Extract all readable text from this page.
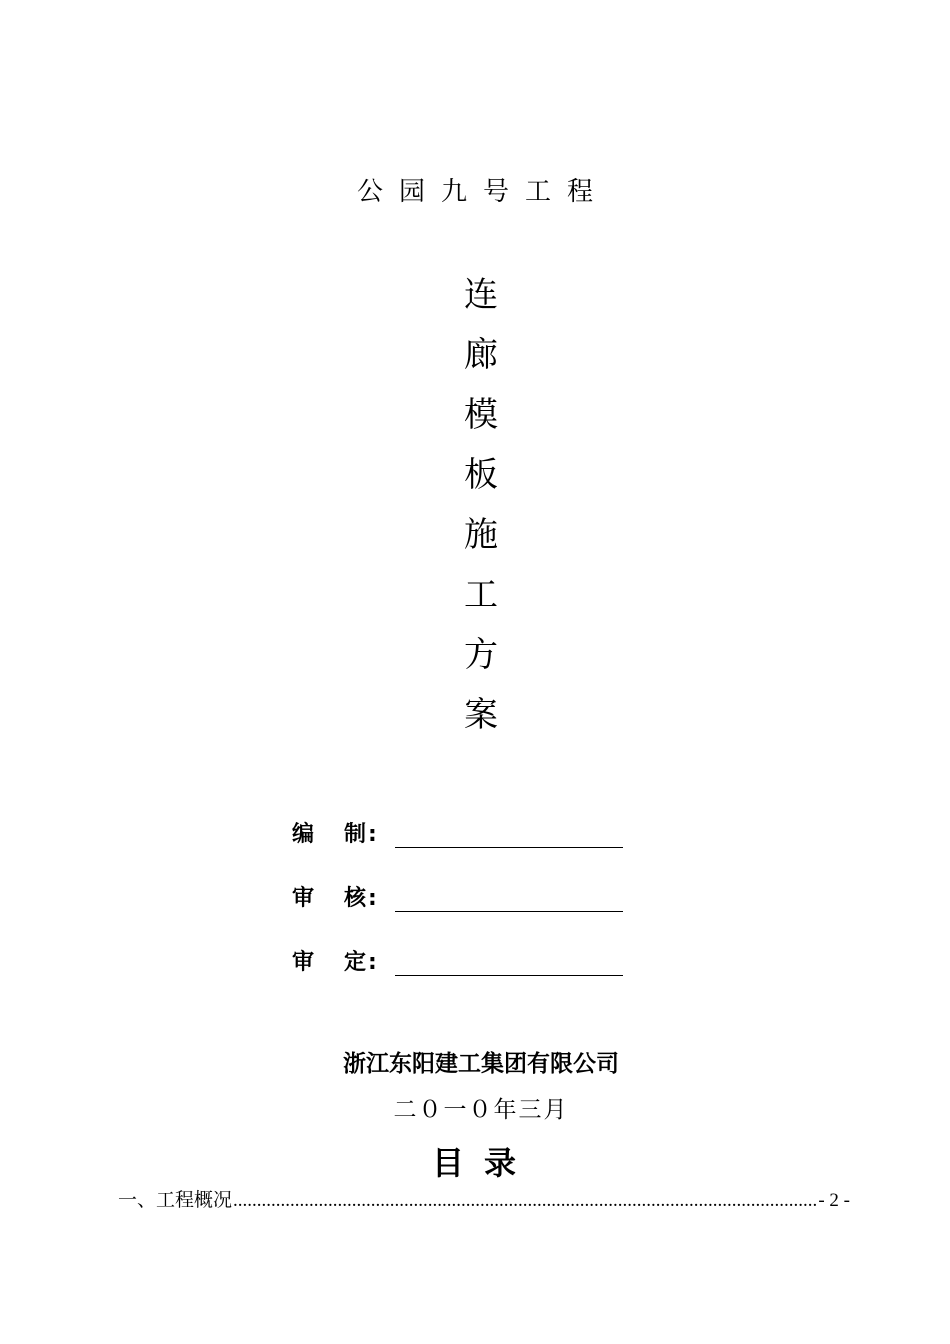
公园九号工程
连
廊
模
板
施
工
方
案
编 制 :
审 核 :
审 定 :
浙江东阳建工集团有限公司
二０一０年三月
目录
一、工程概况
.....	- 2 -
